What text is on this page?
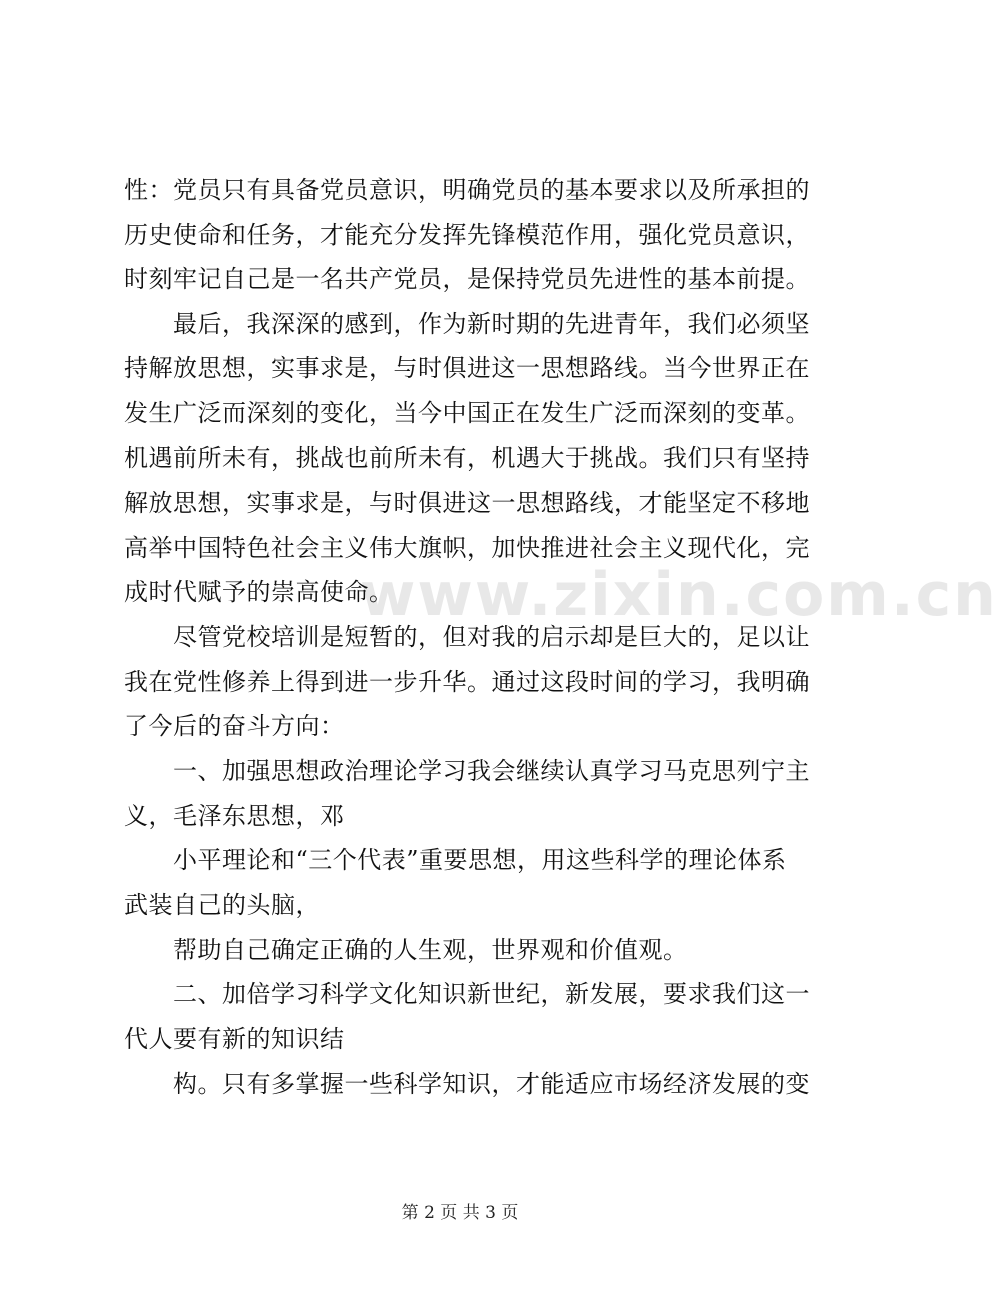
www.zixin.com.cn
性：党员只有具备党员意识，明确党员的基本要求以及所承担的
历史使命和任务，才能充分发挥先锋模范作用，强化党员意识，
时刻牢记自己是一名共产党员，是保持党员先进性的基本前提。
最后，我深深的感到，作为新时期的先进青年，我们必须坚
持解放思想，实事求是，与时俱进这一思想路线。当今世界正在
发生广泛而深刻的变化，当今中国正在发生广泛而深刻的变革。
机遇前所未有，挑战也前所未有，机遇大于挑战。我们只有坚持
解放思想，实事求是，与时俱进这一思想路线，才能坚定不移地
高举中国特色社会主义伟大旗帜，加快推进社会主义现代化，完
成时代赋予的崇高使命。
尽管党校培训是短暂的，但对我的启示却是巨大的，足以让
我在党性修养上得到进一步升华。通过这段时间的学习，我明确
了今后的奋斗方向：
一、加强思想政治理论学习我会继续认真学习马克思列宁主
义，毛泽东思想，邓
小平理论和“三个代表”重要思想，用这些科学的理论体系
武装自己的头脑，
帮助自己确定正确的人生观，世界观和价值观。
二、加倍学习科学文化知识新世纪，新发展，要求我们这一
代人要有新的知识结
构。只有多掌握一些科学知识，才能适应市场经济发展的变
第 2 页 共 3 页
